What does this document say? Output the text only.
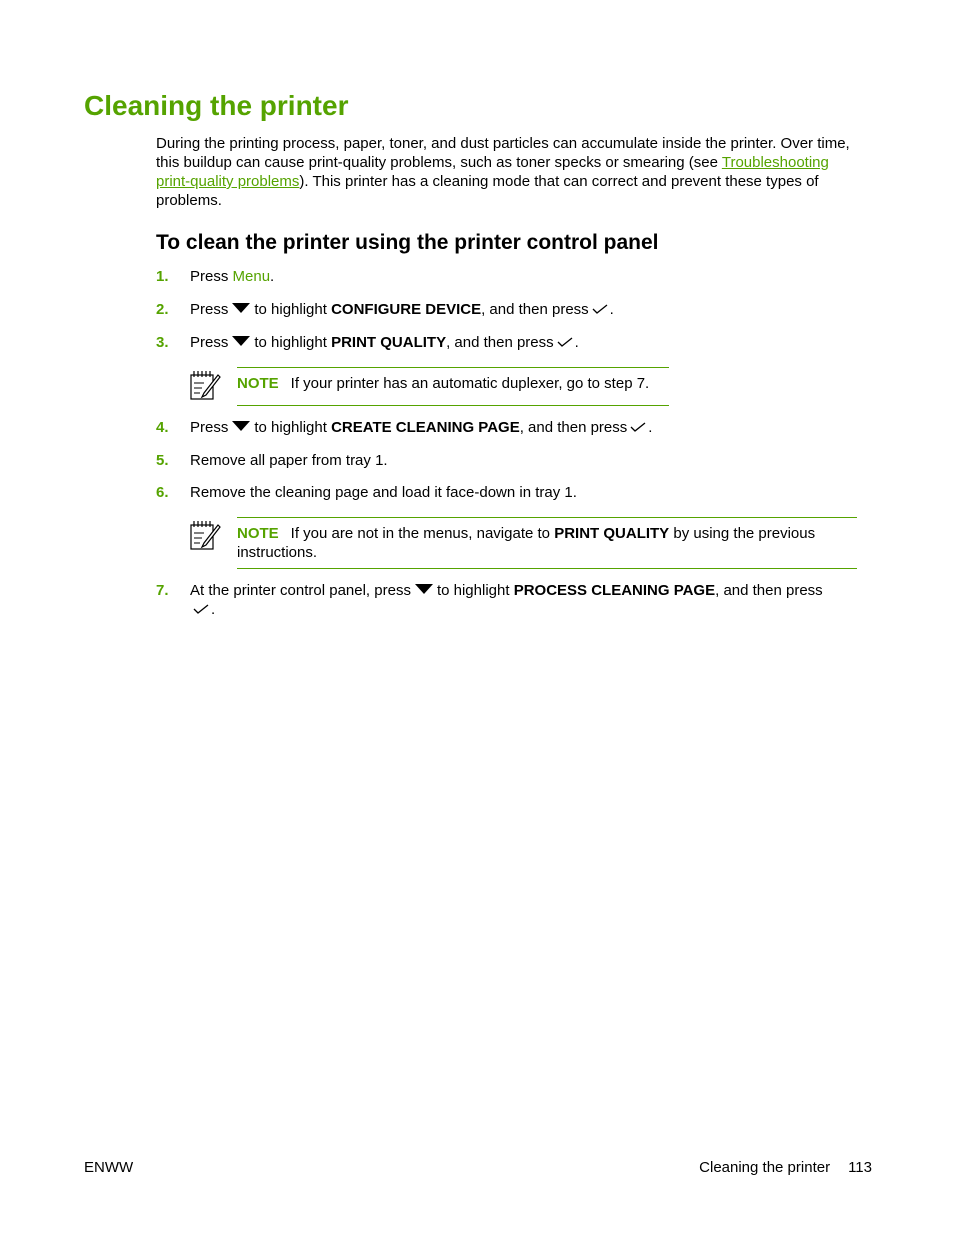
Cleaning the printer

During the printing process, paper, toner, and dust particles can accumulate inside the printer. Over time, this buildup can cause print-quality problems, such as toner specks or smearing (see Troubleshooting print-quality problems). This printer has a cleaning mode that can correct and prevent these types of problems.

To clean the printer using the printer control panel
1.	Press Menu.
2.	Press to highlight CONFIGURE DEVICE, and then press .
3.	Press to highlight PRINT QUALITY, and then press .
NOTE If your printer has an automatic duplexer, go to step 7.
4.	Press to highlight CREATE CLEANING PAGE, and then press .
5.	Remove all paper from tray 1.
6.	Remove the cleaning page and load it face-down in tray 1.
NOTE If you are not in the menus, navigate to PRINT QUALITY by using the previous instructions.
7.	At the printer control panel, press to highlight PROCESS CLEANING PAGE, and then press.
ENWW	Cleaning the printer 113
